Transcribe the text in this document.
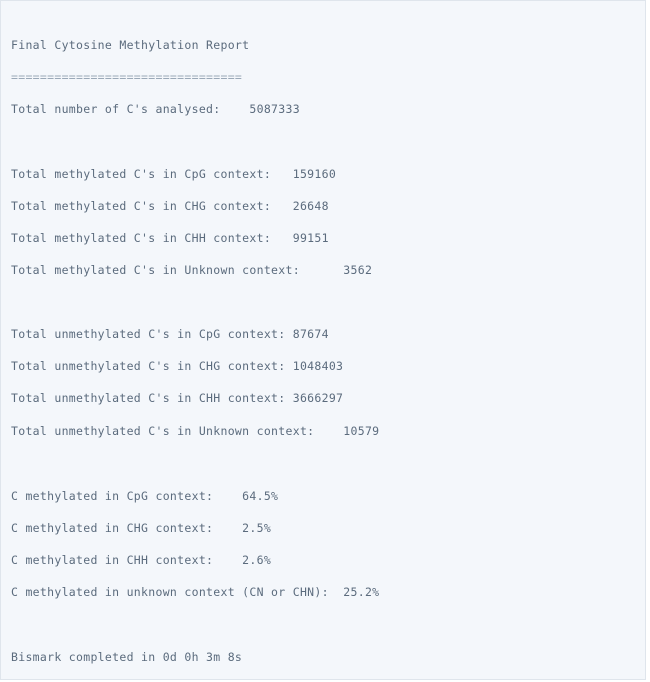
Final Cytosine Methylation Report
================================
Total number of C's analysed:    5087333
Total methylated C's in CpG context:   159160
Total methylated C's in CHG context:   26648
Total methylated C's in CHH context:   99151
Total methylated C's in Unknown context:      3562
Total unmethylated C's in CpG context: 87674
Total unmethylated C's in CHG context: 1048403
Total unmethylated C's in CHH context: 3666297
Total unmethylated C's in Unknown context:    10579
C methylated in CpG context:    64.5%
C methylated in CHG context:    2.5%
C methylated in CHH context:    2.6%
C methylated in unknown context (CN or CHN):  25.2%
Bismark completed in 0d 0h 3m 8s
